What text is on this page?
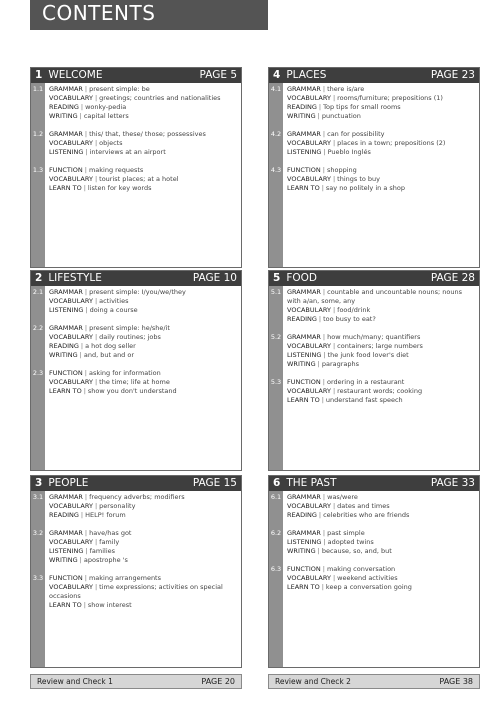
CONTENTS
1 WELCOME	PAGE 5
1.1 GRAMMAR | present simple: be
VOCABULARY | greetings; countries and nationalities
READING | wonky-pedia
WRITING | capital letters
1.2 GRAMMAR | this/ that, these/ those; possessives
VOCABULARY | objects
LISTENING | interviews at an airport
1.3 FUNCTION | making requests
VOCABULARY | tourist places; at a hotel
LEARN TO | listen for key words
4 PLACES	PAGE 23
4.1 GRAMMAR | there is/are
VOCABULARY | rooms/furniture; prepositions (1)
READING | Top tips for small rooms
WRITING | punctuation
4.2 GRAMMAR | can for possibility
VOCABULARY | places in a town; prepositions (2)
LISTENING | Pueblo Inglés
4.3 FUNCTION | shopping
VOCABULARY | things to buy
LEARN TO | say no politely in a shop
2 LIFESTYLE	PAGE 10
2.1 GRAMMAR | present simple: I/you/we/they
VOCABULARY | activities
LISTENING | doing a course
2.2 GRAMMAR | present simple: he/she/it
VOCABULARY | daily routines; jobs
READING | a hot dog seller
WRITING | and, but and or
2.3 FUNCTION | asking for information
VOCABULARY | the time; life at home
LEARN TO | show you don't understand
5 FOOD	PAGE 28
5.1 GRAMMAR | countable and uncountable nouns; nouns with a/an, some, any
VOCABULARY | food/drink
READING | too busy to eat?
5.2 GRAMMAR | how much/many; quantifiers
VOCABULARY | containers; large numbers
LISTENING | the junk food lover's diet
WRITING | paragraphs
5.3 FUNCTION | ordering in a restaurant
VOCABULARY | restaurant words; cooking
LEARN TO | understand fast speech
3 PEOPLE	PAGE 15
3.1 GRAMMAR | frequency adverbs; modifiers
VOCABULARY | personality
READING | HELP! forum
3.2 GRAMMAR | have/has got
VOCABULARY | family
LISTENING | families
WRITING | apostrophe 's
3.3 FUNCTION | making arrangements
VOCABULARY | time expressions; activities on special occasions
LEARN TO | show interest
6 THE PAST	PAGE 33
6.1 GRAMMAR | was/were
VOCABULARY | dates and times
READING | celebrities who are friends
6.2 GRAMMAR | past simple
LISTENING | adopted twins
WRITING | because, so, and, but
6.3 FUNCTION | making conversation
VOCABULARY | weekend activities
LEARN TO | keep a conversation going
Review and Check 1	PAGE 20	Review and Check 2	PAGE 38
